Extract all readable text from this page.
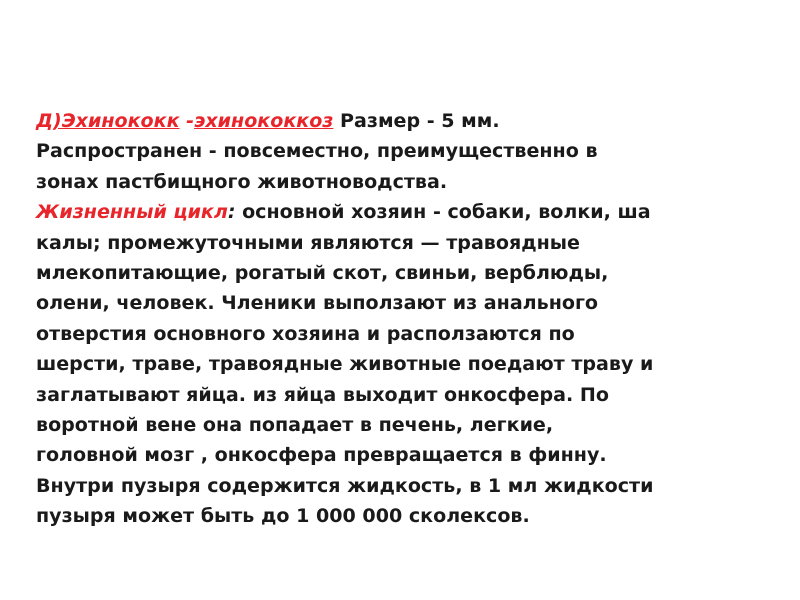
Д)Эхинококк -эхинококкоз Размер - 5 мм.
Распространен - повсеместно, преимущественно в
зонах пастбищного животноводства.
Жизненный цикл: основной хозяин - собаки, волки, ша
калы; промежуточными являются — травоядные
млекопитающие, рогатый скот, свиньи, верблюды,
олени, человек. Членики выползают из анального
отверстия основного хозяина и расползаются по
шерсти, траве, травоядные животные поедают траву и
заглатывают яйца. из яйца выходит онкосфера. По
воротной вене она попадает в печень, легкие,
головной мозг , онкосфера превращается в финну.
Внутри пузыря содержится жидкость, в 1 мл жидкости
пузыря может быть до 1 000 000 сколексов.
